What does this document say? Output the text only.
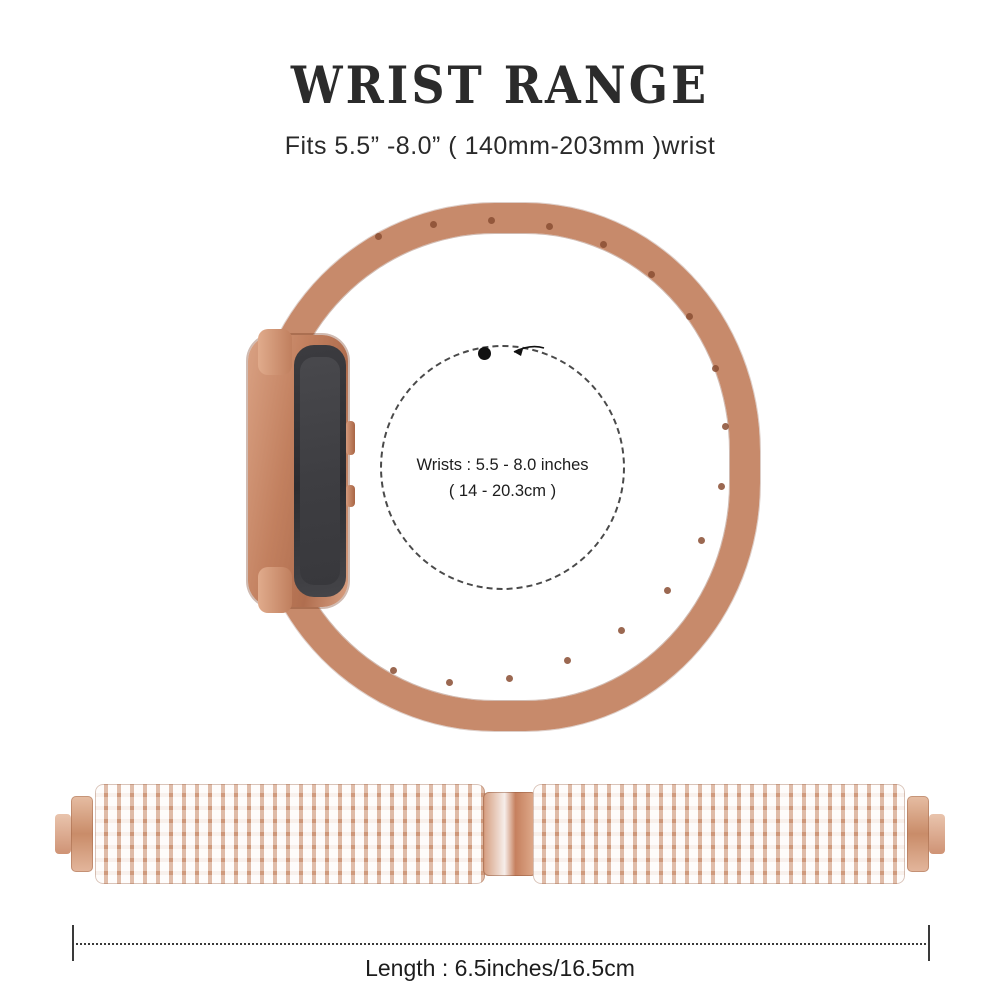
WRIST RANGE
Fits 5.5” -8.0” ( 140mm-203mm )wrist
Wrists : 5.5 - 8.0 inches
( 14 - 20.3cm )
Length : 6.5inches/16.5cm
